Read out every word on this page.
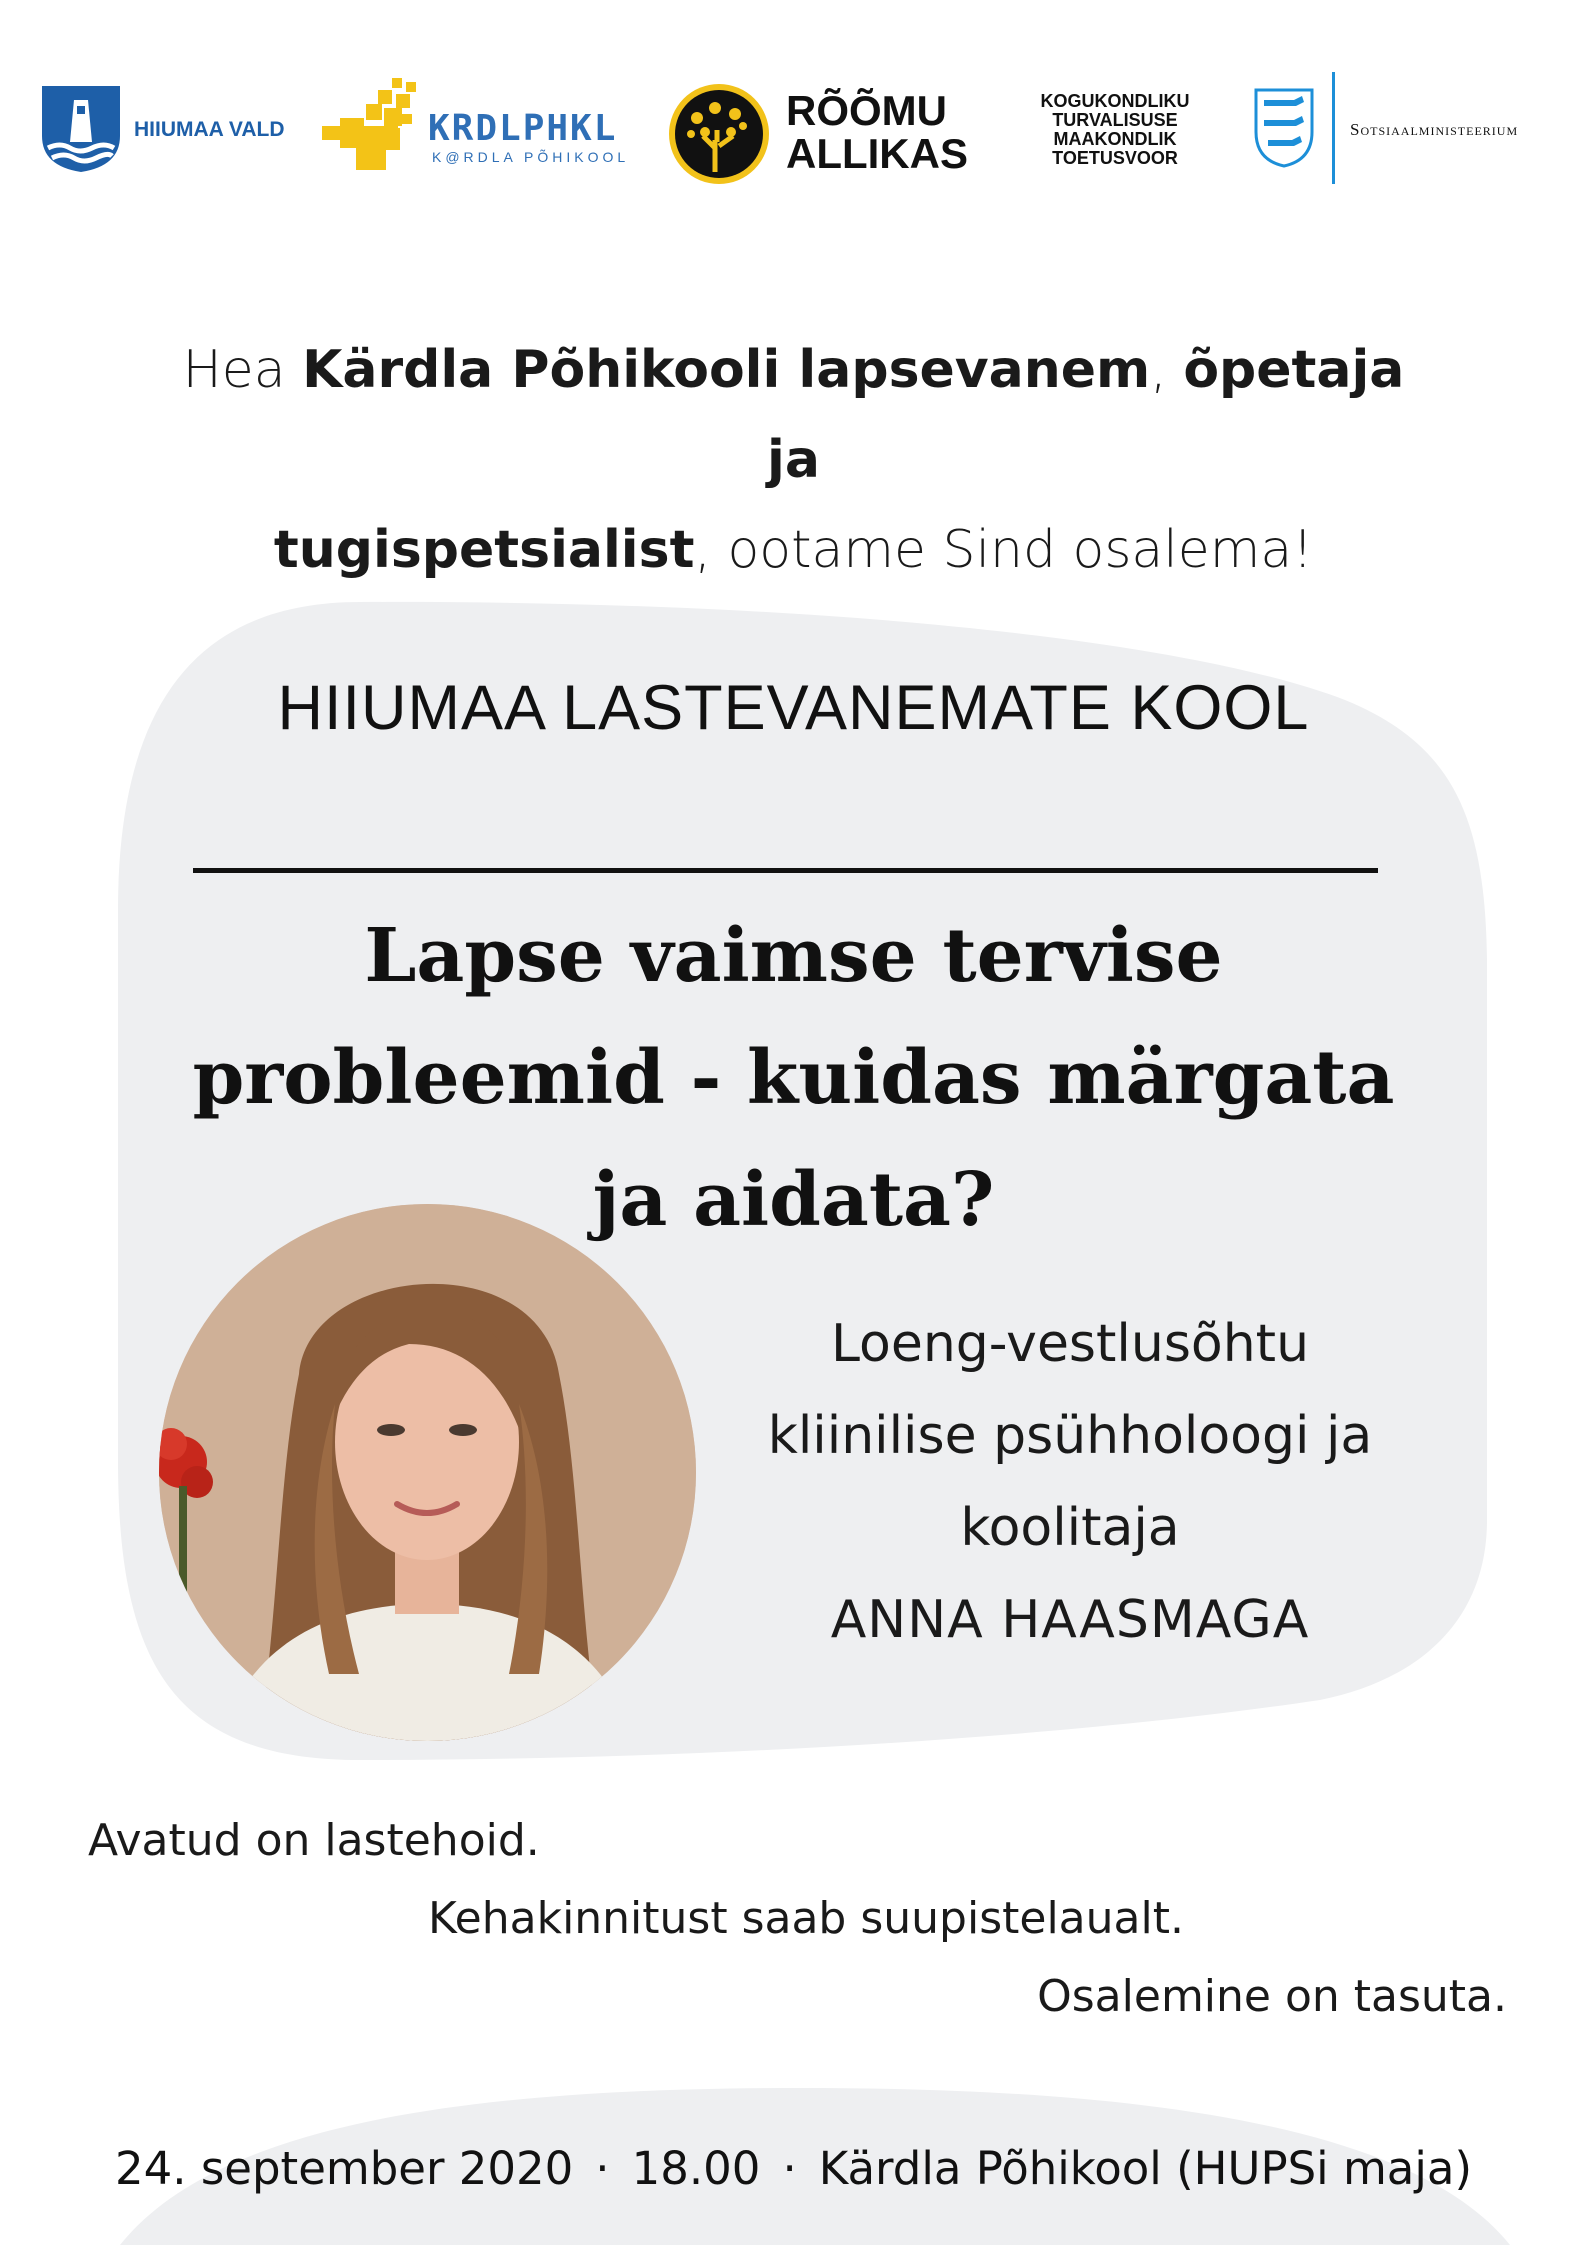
HIIUMAA VALD	KRDLPHKL
K@RDLA PÕHIKOOL
RÕÕMU
ALLIKAS
KOGUKONDLIKU
TURVALISUSE
MAAKONDLIK
TOETUSVOOR
Sotsiaalministeerium
Hea Kärdla Põhikooli lapsevanem, õpetaja ja
tugispetsialist, ootame Sind osalema!
HIIUMAA LASTEVANEMATE KOOL
Lapse vaimse tervise
probleemid - kuidas märgata
ja aidata?
Loeng-vestlusõhtu
kliinilise psühholoogi ja
koolitaja
ANNA HAASMAGA
Avatud on lastehoid.
Kehakinnitust saab suupistelaualt.
Osalemine on tasuta.
24. september 2020 · 18.00 · Kärdla Põhikool (HUPSi maja)
